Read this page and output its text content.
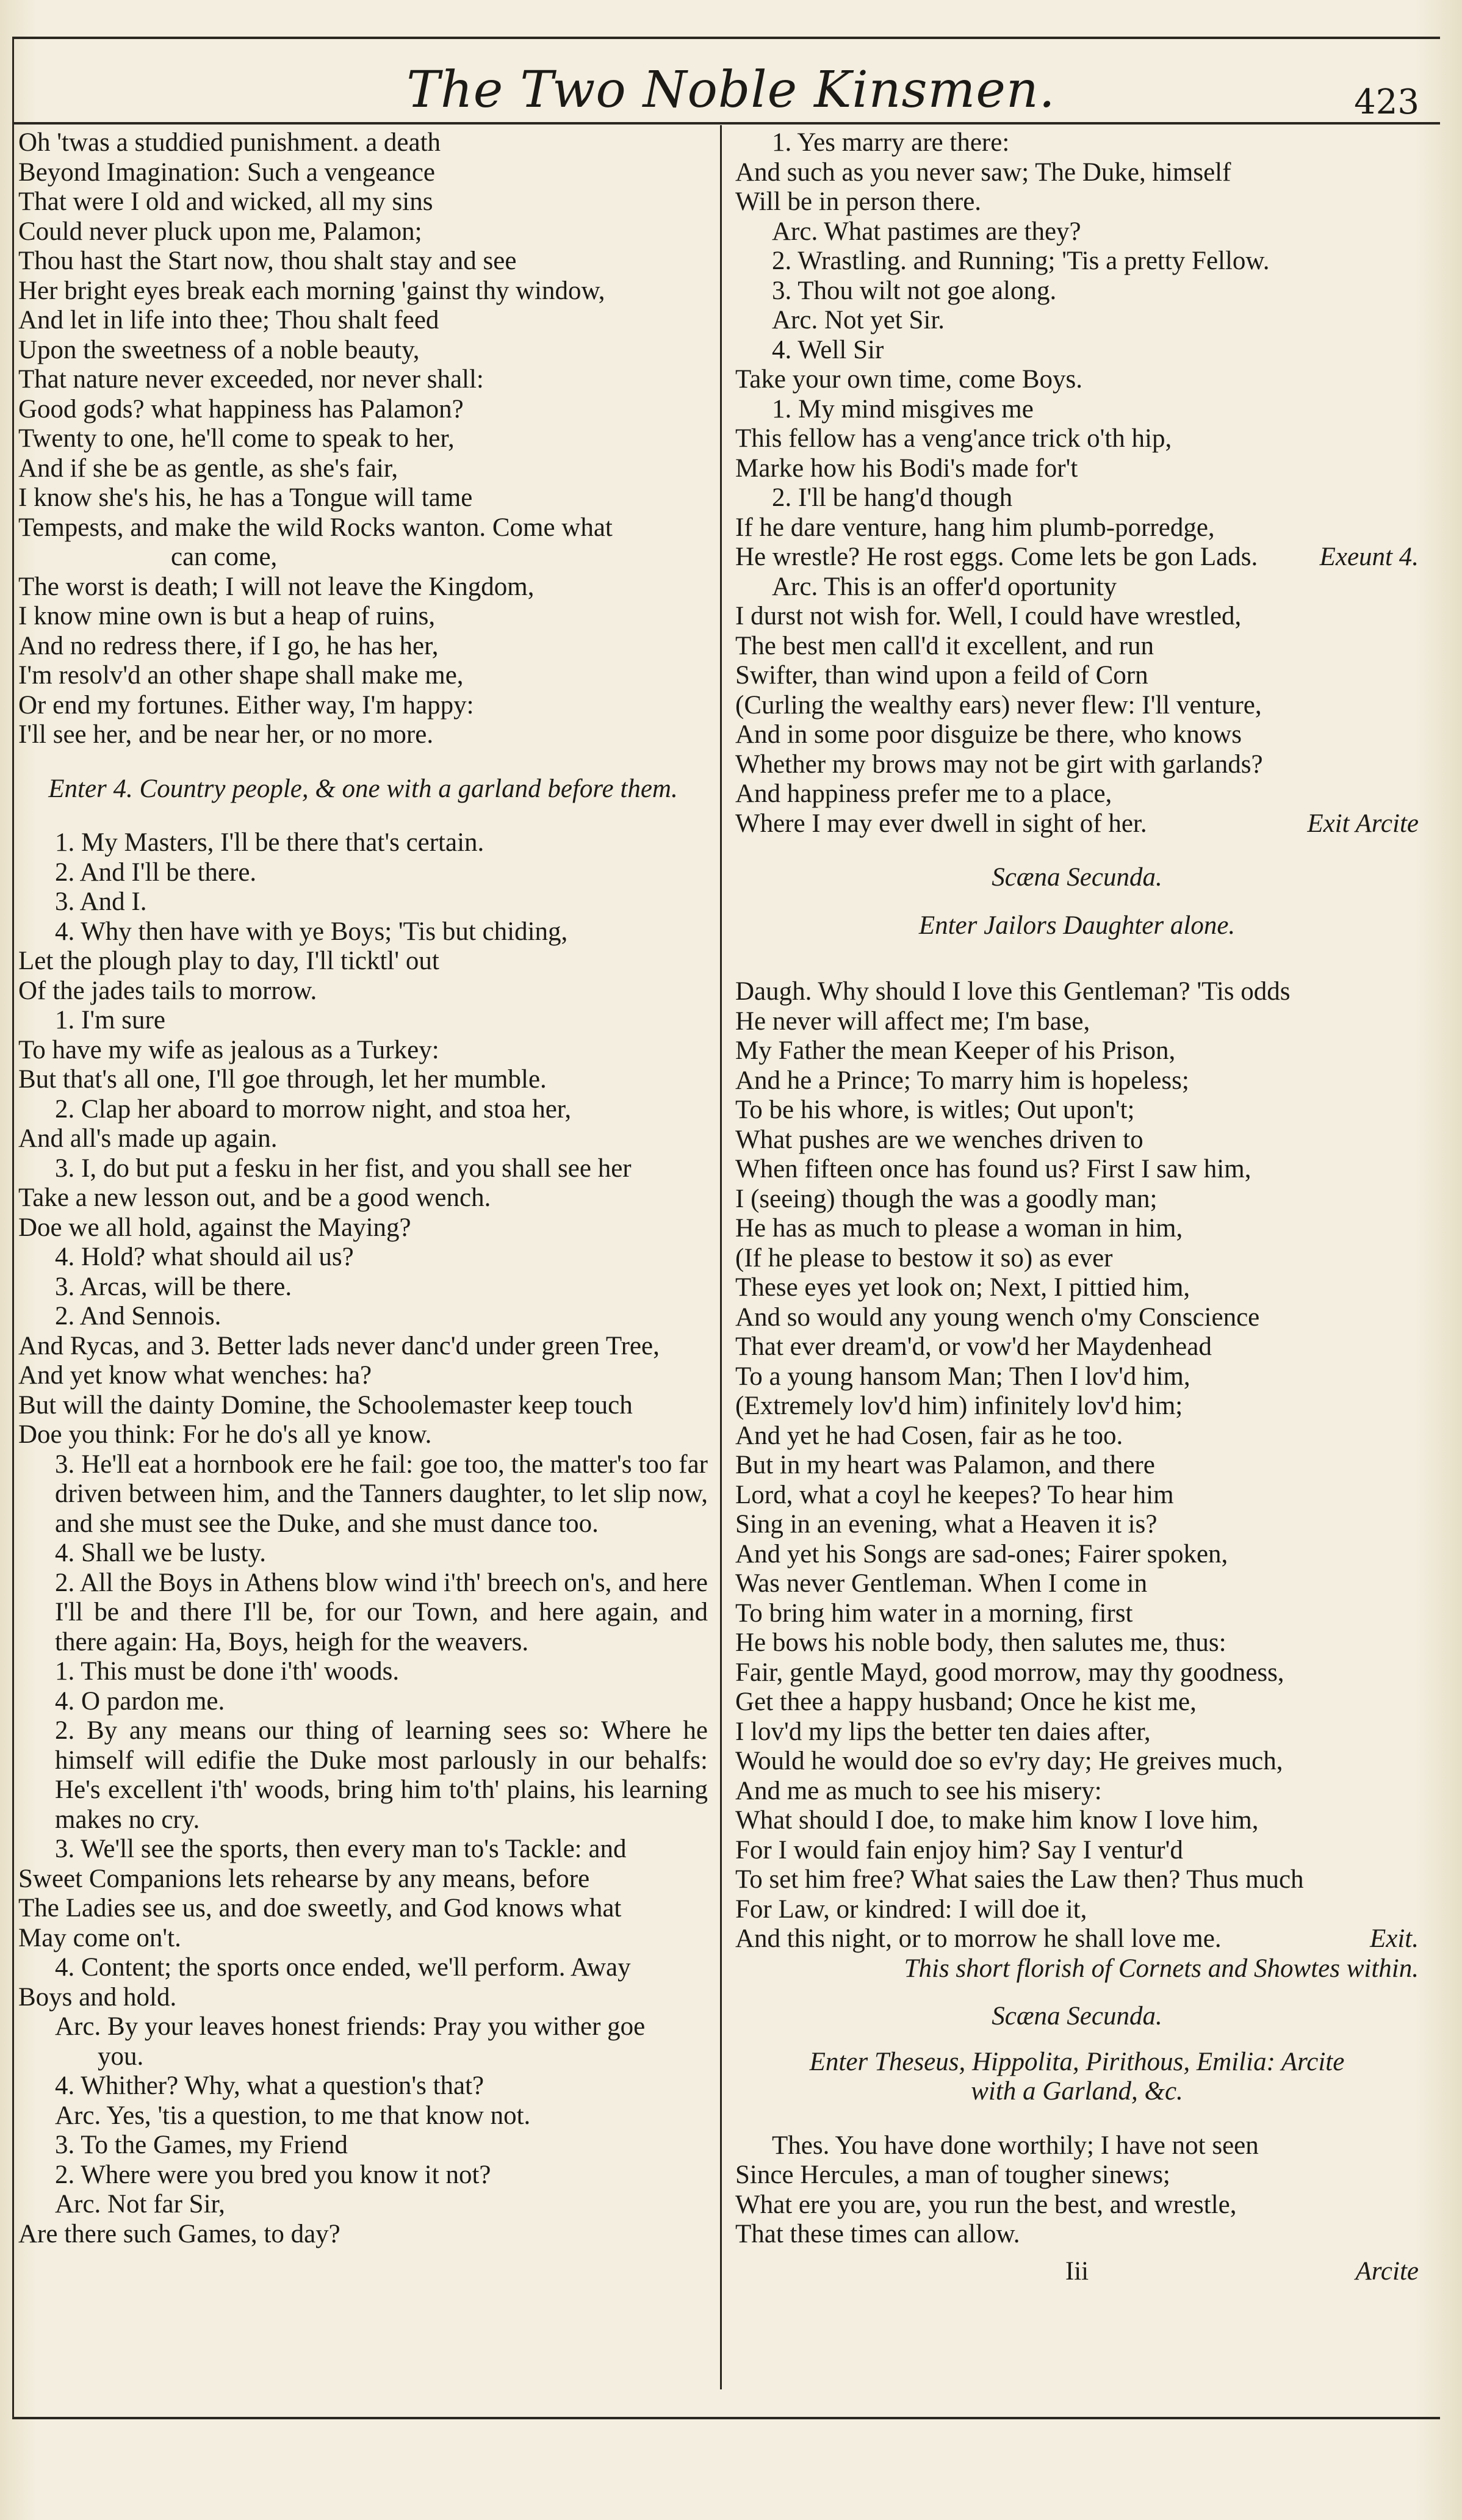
The Two Noble Kinsmen.	423
Oh 'twas a studdied punishment. a death
Beyond Imagination: Such a vengeance
That were I old and wicked, all my sins
Could never pluck upon me, Palamon;
Thou hast the Start now, thou shalt stay and see
Her bright eyes break each morning 'gainst thy window,
And let in life into thee; Thou shalt feed
Upon the sweetness of a noble beauty,
That nature never exceeded, nor never shall:
Good gods? what happiness has Palamon?
Twenty to one, he'll come to speak to her,
And if she be as gentle, as she's fair,
I know she's his, he has a Tongue will tame
Tempests, and make the wild Rocks wanton. Come what
can come,
The worst is death; I will not leave the Kingdom,
I know mine own is but a heap of ruins,
And no redress there, if I go, he has her,
I'm resolv'd an other shape shall make me,
Or end my fortunes. Either way, I'm happy:
I'll see her, and be near her, or no more.
Enter 4. Country people, & one with a garland before them.
1. My Masters, I'll be there that's certain.
2. And I'll be there.
3. And I.
4. Why then have with ye Boys; 'Tis but chiding,
Let the plough play to day, I'll ticktl' out
Of the jades tails to morrow.
1. I'm sure
To have my wife as jealous as a Turkey:
But that's all one, I'll goe through, let her mumble.
2. Clap her aboard to morrow night, and stoa her,
And all's made up again.
3. I, do but put a fesku in her fist, and you shall see her
Take a new lesson out, and be a good wench.
Doe we all hold, against the Maying?
4. Hold? what should ail us?
3. Arcas, will be there.
2. And Sennois.
And Rycas, and 3. Better lads never danc'd under green Tree,
And yet know what wenches: ha?
But will the dainty Domine, the Schoolemaster keep touch
Doe you think: For he do's all ye know.
3. He'll eat a hornbook ere he fail: goe too, the matter's too far driven between him, and the Tanners daughter, to let slip now, and she must see the Duke, and she must dance too.
4. Shall we be lusty.
2. All the Boys in Athens blow wind i'th' breech on's, and here I'll be and there I'll be, for our Town, and here again, and there again: Ha, Boys, heigh for the weavers.
1. This must be done i'th' woods.
4. O pardon me.
2. By any means our thing of learning sees so: Where he himself will edifie the Duke most parlously in our behalfs: He's excellent i'th' woods, bring him to'th' plains, his learning makes no cry.
3. We'll see the sports, then every man to's Tackle: and
Sweet Companions lets rehearse by any means, before
The Ladies see us, and doe sweetly, and God knows what
May come on't.
4. Content; the sports once ended, we'll perform. Away
Boys and hold.
Arc. By your leaves honest friends: Pray you wither goe
you.
4. Whither? Why, what a question's that?
Arc. Yes, 'tis a question, to me that know not.
3. To the Games, my Friend
2. Where were you bred you know it not?
Arc. Not far Sir,
Are there such Games, to day?
1. Yes marry are there:
And such as you never saw; The Duke, himself
Will be in person there.
Arc. What pastimes are they?
2. Wrastling. and Running; 'Tis a pretty Fellow.
3. Thou wilt not goe along.
Arc. Not yet Sir.
4. Well Sir
Take your own time, come Boys.
1. My mind misgives me
This fellow has a veng'ance trick o'th hip,
Marke how his Bodi's made for't
2. I'll be hang'd though
If he dare venture, hang him plumb-porredge,
He wrestle? He rost eggs. Come lets be gon Lads. Exeunt 4.
Arc. This is an offer'd oportunity
I durst not wish for. Well, I could have wrestled,
The best men call'd it excellent, and run
Swifter, than wind upon a feild of Corn
(Curling the wealthy ears) never flew: I'll venture,
And in some poor disguize be there, who knows
Whether my brows may not be girt with garlands?
And happiness prefer me to a place,
Where I may ever dwell in sight of her.	Exit Arcite
Scæna Secunda.
Enter Jailors Daughter alone.
Daugh. Why should I love this Gentleman? 'Tis odds
He never will affect me; I'm base,
My Father the mean Keeper of his Prison,
And he a Prince; To marry him is hopeless;
To be his whore, is witles; Out upon't;
What pushes are we wenches driven to
When fifteen once has found us? First I saw him,
I (seeing) though the was a goodly man;
He has as much to please a woman in him,
(If he please to bestow it so) as ever
These eyes yet look on; Next, I pittied him,
And so would any young wench o'my Conscience
That ever dream'd, or vow'd her Maydenhead
To a young hansom Man; Then I lov'd him,
(Extremely lov'd him) infinitely lov'd him;
And yet he had Cosen, fair as he too.
But in my heart was Palamon, and there
Lord, what a coyl he keepes? To hear him
Sing in an evening, what a Heaven it is?
And yet his Songs are sad-ones; Fairer spoken,
Was never Gentleman. When I come in
To bring him water in a morning, first
He bows his noble body, then salutes me, thus:
Fair, gentle Mayd, good morrow, may thy goodness,
Get thee a happy husband; Once he kist me,
I lov'd my lips the better ten daies after,
Would he would doe so ev'ry day; He greives much,
And me as much to see his misery:
What should I doe, to make him know I love him,
For I would fain enjoy him? Say I ventur'd
To set him free? What saies the Law then? Thus much
For Law, or kindred: I will doe it,
And this night, or to morrow he shall love me.	Exit.
This short florish of Cornets and Showtes within.
Scæna Secunda.
Enter Theseus, Hippolita, Pirithous, Emilia: Arcite
with a Garland, &c.
Thes. You have done worthily; I have not seen
Since Hercules, a man of tougher sinews;
What ere you are, you run the best, and wrestle,
That these times can allow.
Iii	Arcite
